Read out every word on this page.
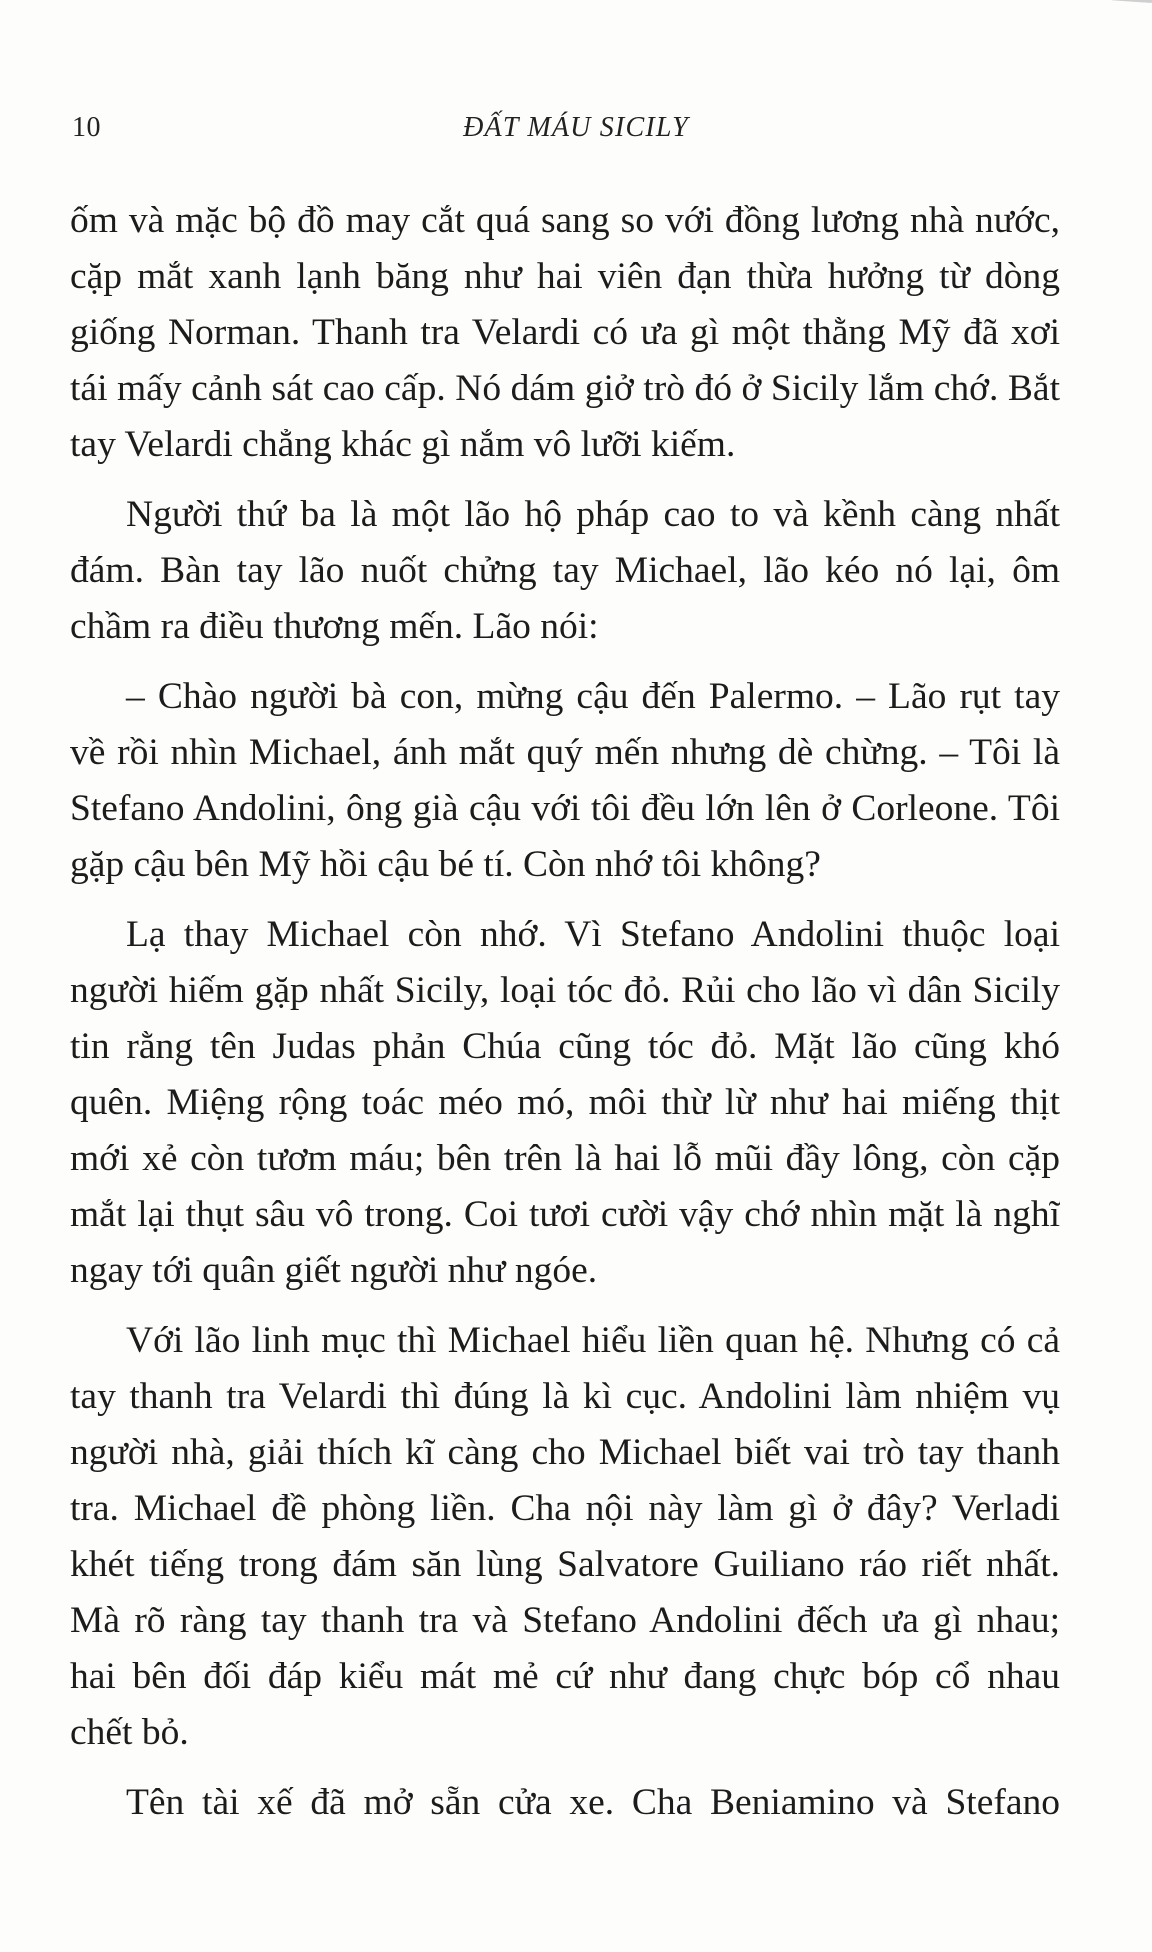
10	ĐẤT MÁU SICILY

ốm và mặc bộ đồ may cắt quá sang so với đồng lương nhà nước,
cặp mắt xanh lạnh băng như hai viên đạn thừa hưởng từ dòng
giống Norman. Thanh tra Velardi có ưa gì một thằng Mỹ đã xơi
tái mấy cảnh sát cao cấp. Nó dám giở trò đó ở Sicily lắm chớ. Bắt
tay Velardi chẳng khác gì nắm vô lưỡi kiếm.

Người thứ ba là một lão hộ pháp cao to và kềnh càng nhất
đám. Bàn tay lão nuốt chửng tay Michael, lão kéo nó lại, ôm
chầm ra điều thương mến. Lão nói:

– Chào người bà con, mừng cậu đến Palermo. – Lão rụt tay
về rồi nhìn Michael, ánh mắt quý mến nhưng dè chừng. – Tôi là
Stefano Andolini, ông già cậu với tôi đều lớn lên ở Corleone. Tôi
gặp cậu bên Mỹ hồi cậu bé tí. Còn nhớ tôi không?

Lạ thay Michael còn nhớ. Vì Stefano Andolini thuộc loại
người hiếm gặp nhất Sicily, loại tóc đỏ. Rủi cho lão vì dân Sicily
tin rằng tên Judas phản Chúa cũng tóc đỏ. Mặt lão cũng khó
quên. Miệng rộng toác méo mó, môi thừ lừ như hai miếng thịt
mới xẻ còn tươm máu; bên trên là hai lỗ mũi đầy lông, còn cặp
mắt lại thụt sâu vô trong. Coi tươi cười vậy chớ nhìn mặt là nghĩ
ngay tới quân giết người như ngóe.

Với lão linh mục thì Michael hiểu liền quan hệ. Nhưng có cả
tay thanh tra Velardi thì đúng là kì cục. Andolini làm nhiệm vụ
người nhà, giải thích kĩ càng cho Michael biết vai trò tay thanh
tra. Michael đề phòng liền. Cha nội này làm gì ở đây? Verladi
khét tiếng trong đám săn lùng Salvatore Guiliano ráo riết nhất.
Mà rõ ràng tay thanh tra và Stefano Andolini đếch ưa gì nhau;
hai bên đối đáp kiểu mát mẻ cứ như đang chực bóp cổ nhau
chết bỏ.

Tên tài xế đã mở sẵn cửa xe. Cha Beniamino và Stefano
